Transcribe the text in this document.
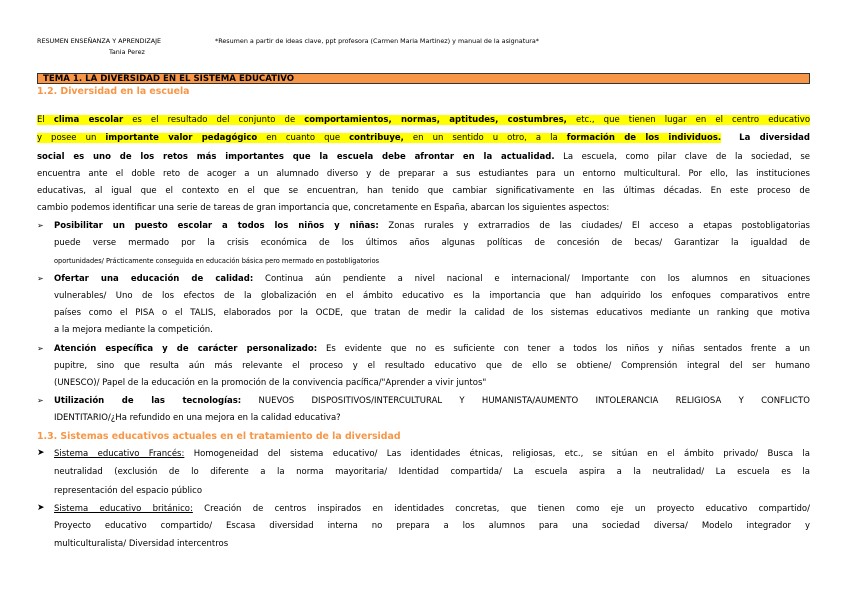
RESUMEN ENSEÑANZA Y APRENDIZAJE	*Resumen a partir de ideas clave, ppt profesora (Carmen Maria Martinez) y manual de la asignatura*
Tania Perez
TEMA 1. LA DIVERSIDAD EN EL SISTEMA EDUCATIVO
1.2. Diversidad en la escuela
El clima escolar es el resultado del conjunto de comportamientos, normas, aptitudes, costumbres, etc., que tienen lugar en el centro educativo
y posee un importante valor pedagógico en cuanto que contribuye, en un sentido u otro, a la formación de los individuos. La diversidad
social es uno de los retos más importantes que la escuela debe afrontar en la actualidad. La escuela, como pilar clave de la sociedad, se
encuentra ante el doble reto de acoger a un alumnado diverso y de preparar a sus estudiantes para un entorno multicultural. Por ello, las instituciones
educativas, al igual que el contexto en el que se encuentran, han tenido que cambiar significativamente en las últimas décadas. En este proceso de
cambio podemos identificar una serie de tareas de gran importancia que, concretamente en España, abarcan los siguientes aspectos:
➢ Posibilitar un puesto escolar a todos los niños y niñas: Zonas rurales y extrarradios de las ciudades/ El acceso a etapas postobligatorias
puede verse mermado por la crisis económica de los últimos años algunas políticas de concesión de becas/ Garantizar la igualdad de
oportunidades/ Prácticamente conseguida en educación básica pero mermado en postobligatorios
➢ Ofertar una educación de calidad: Continua aún pendiente a nivel nacional e internacional/ Importante con los alumnos en situaciones
vulnerables/ Uno de los efectos de la globalización en el ámbito educativo es la importancia que han adquirido los enfoques comparativos entre
países como el PISA o el TALIS, elaborados por la OCDE, que tratan de medir la calidad de los sistemas educativos mediante un ranking que motiva
a la mejora mediante la competición.
➢ Atención específica y de carácter personalizado: Es evidente que no es suficiente con tener a todos los niños y niñas sentados frente a un
pupitre, sino que resulta aún más relevante el proceso y el resultado educativo que de ello se obtiene/ Comprensión integral del ser humano
(UNESCO)/ Papel de la educación en la promoción de la convivencia pacífica/"Aprender a vivir juntos"
➢ Utilización de las tecnologías: NUEVOS DISPOSITIVOS/INTERCULTURAL Y HUMANISTA/AUMENTO INTOLERANCIA RELIGIOSA Y CONFLICTO
IDENTITARIO/¿Ha refundido en una mejora en la calidad educativa?
1.3. Sistemas educativos actuales en el tratamiento de la diversidad
➤ Sistema educativo Francés: Homogeneidad del sistema educativo/ Las identidades étnicas, religiosas, etc., se sitúan en el ámbito privado/ Busca la
neutralidad (exclusión de lo diferente a la norma mayoritaria/ Identidad compartida/ La escuela aspira a la neutralidad/ La escuela es la
representación del espacio público
➤ Sistema educativo británico: Creación de centros inspirados en identidades concretas, que tienen como eje un proyecto educativo compartido/
Proyecto educativo compartido/ Escasa diversidad interna no prepara a los alumnos para una sociedad diversa/ Modelo integrador y
multiculturalista/ Diversidad intercentros
